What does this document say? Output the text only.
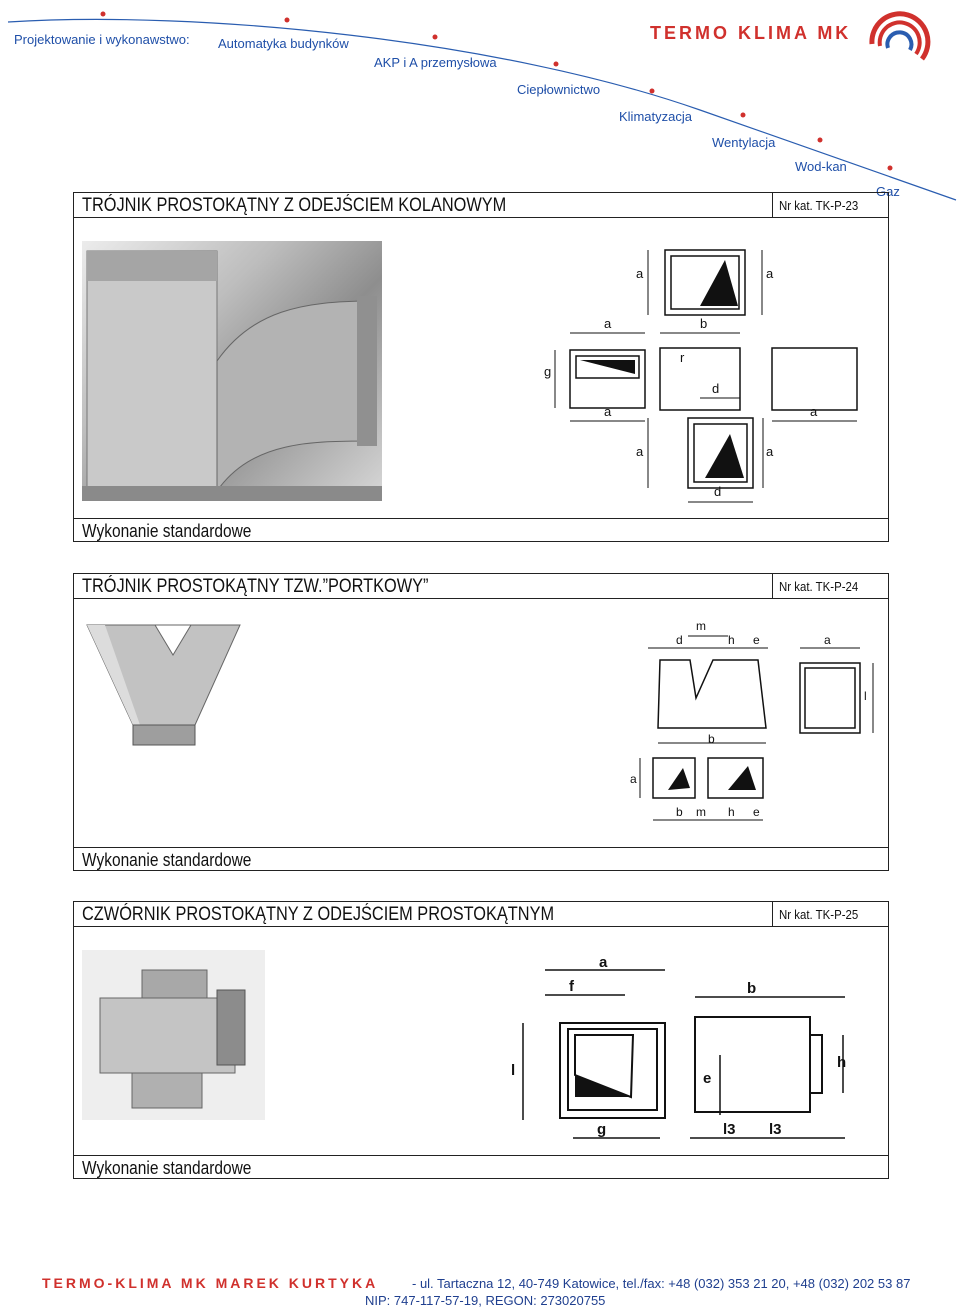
Projektowanie i wykonawstwo: Automatyka budynków
AKP i A przemysłowa
Ciepłownictwo
Klimatyzacja
Wentylacja
Wod-kan
Gaz
TERMO KLIMA MK
TRÓJNIK PROSTOKĄTNY Z ODEJŚCIEM KOLANOWYM	Nr kat. TK-P-23
a	a
a	b
g
r
d
a	a
a	a
d
Wykonanie standardowe
TRÓJNIK PROSTOKĄTNY TZW.”PORTKOWY”	Nr kat. TK-P-24
m
d	h e	a
l
b
a
b m h e
Wykonanie standardowe
CZWÓRNIK PROSTOKĄTNY Z ODEJŚCIEM PROSTOKĄTNYM	Nr kat. TK-P-25
a
f	b
l	e
h
g	l3 l3
Wykonanie standardowe
TERMO-KLIMA MK MAREK KURTYKA	- ul. Tartaczna 12, 40-749 Katowice, tel./fax: +48 (032) 353 21 20, +48 (032) 202 53 87
NIP: 747-117-57-19, REGON: 273020755
